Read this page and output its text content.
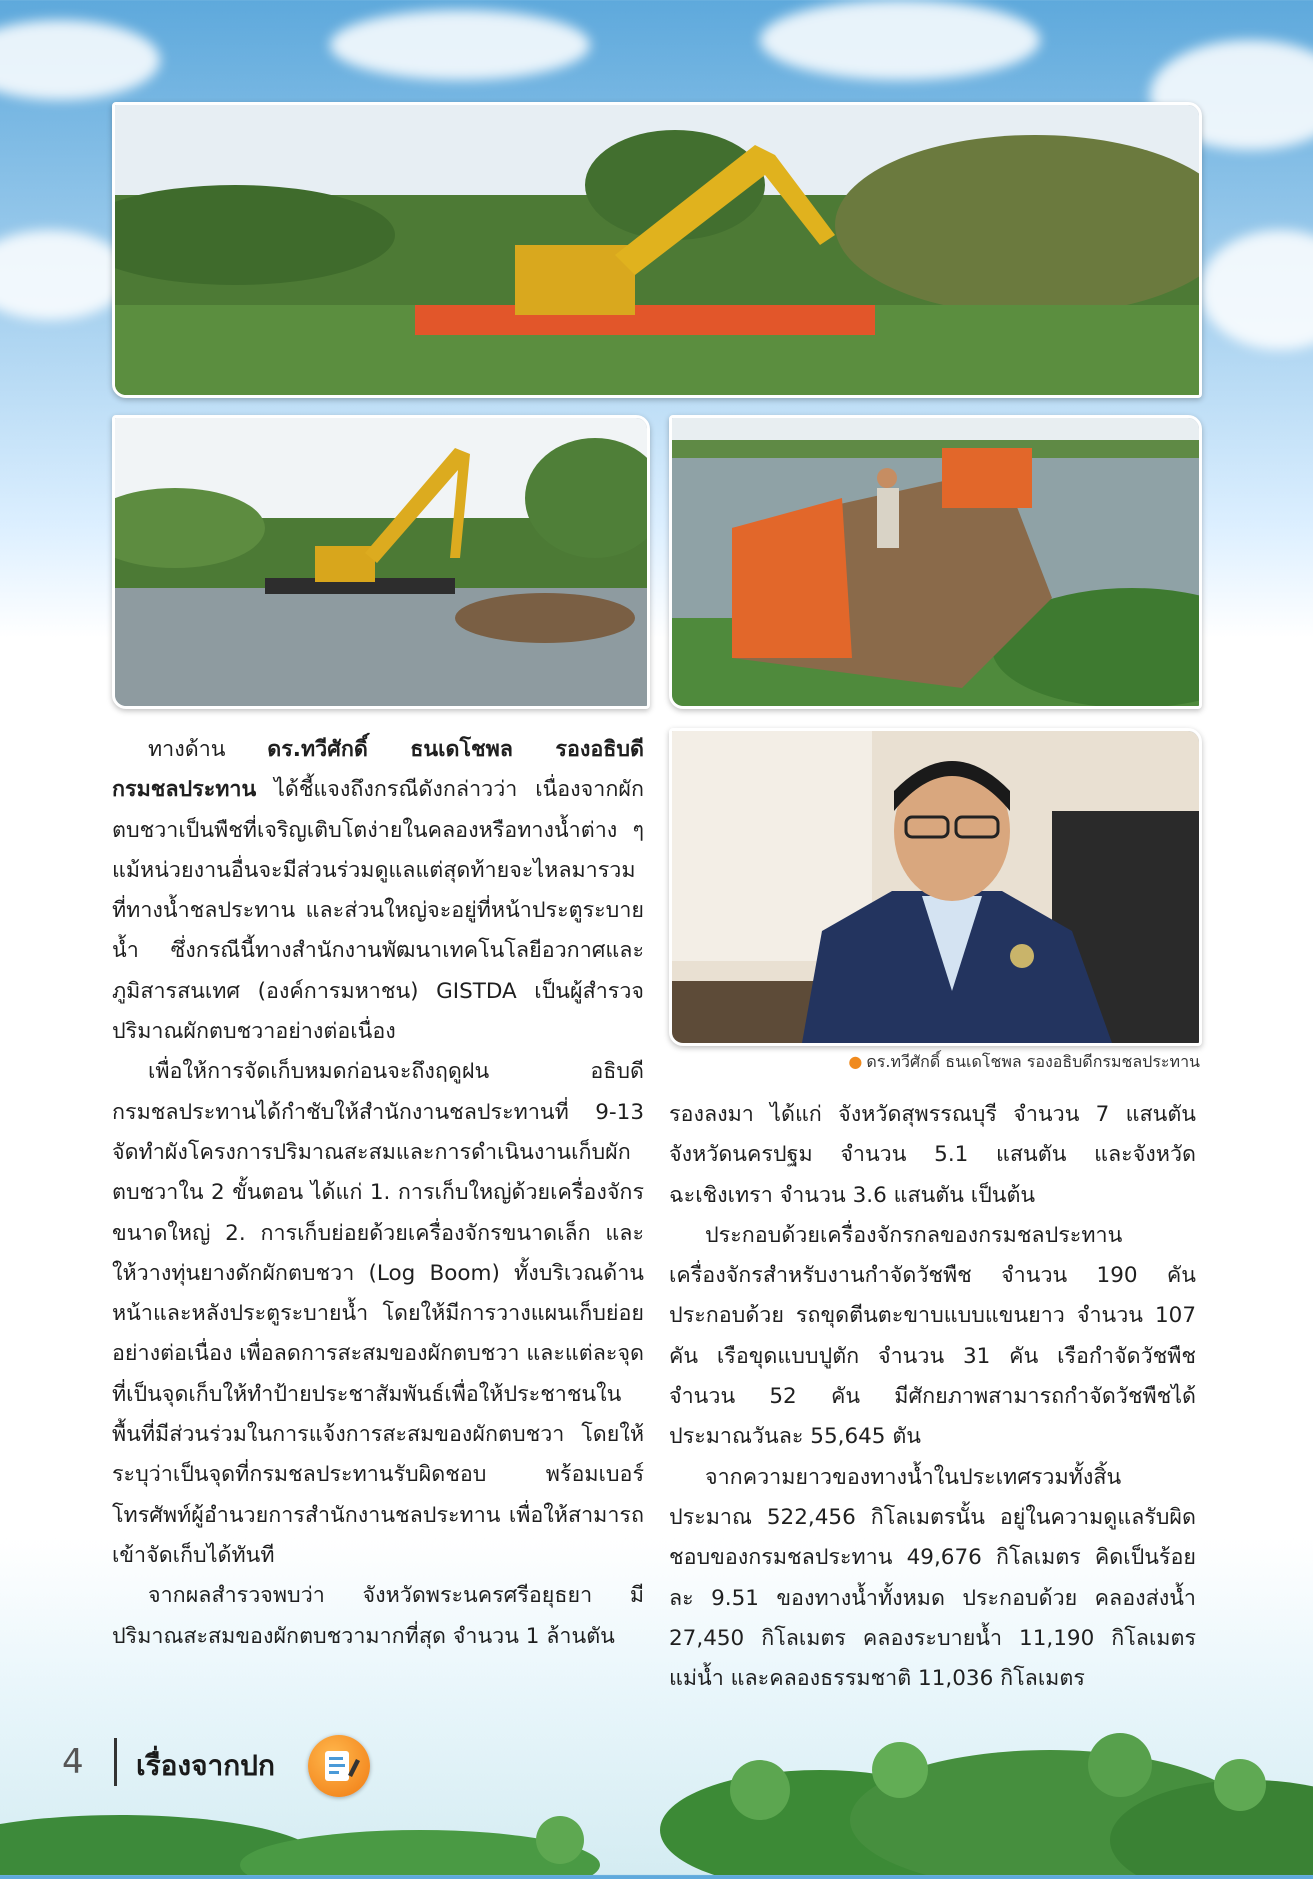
● ดร.ทวีศักดิ์ ธนเดโชพล รองอธิบดีกรมชลประทาน

ทางด้าน ดร.ทวีศักดิ์ ธนเดโชพล รองอธิบดีกรมชลประทาน ได้ชี้แจงถึงกรณีดังกล่าวว่า เนื่องจากผักตบชวาเป็นพืชที่เจริญเติบโตง่ายในคลองหรือทางน้ำต่าง ๆ แม้หน่วยงานอื่นจะมีส่วนร่วมดูแลแต่สุดท้ายจะไหลมารวมที่ทางน้ำชลประทาน และส่วนใหญ่จะอยู่ที่หน้าประตูระบายน้ำ ซึ่งกรณีนี้ทางสำนักงานพัฒนาเทคโนโลยีอวกาศและภูมิสารสนเทศ (องค์การมหาชน) GISTDA เป็นผู้สำรวจปริมาณผักตบชวาอย่างต่อเนื่อง

เพื่อให้การจัดเก็บหมดก่อนจะถึงฤดูฝน อธิบดีกรมชลประทานได้กำชับให้สำนักงานชลประทานที่ 9-13 จัดทำผังโครงการปริมาณสะสมและการดำเนินงานเก็บผักตบชวาใน 2 ขั้นตอน ได้แก่ 1. การเก็บใหญ่ด้วยเครื่องจักรขนาดใหญ่ 2. การเก็บย่อยด้วยเครื่องจักรขนาดเล็ก และให้วางทุ่นยางดักผักตบชวา (Log Boom) ทั้งบริเวณด้านหน้าและหลังประตูระบายน้ำ โดยให้มีการวางแผนเก็บย่อยอย่างต่อเนื่อง เพื่อลดการสะสมของผักตบชวา และแต่ละจุดที่เป็นจุดเก็บให้ทำป้ายประชาสัมพันธ์เพื่อให้ประชาชนในพื้นที่มีส่วนร่วมในการแจ้งการสะสมของผักตบชวา โดยให้ระบุว่าเป็นจุดที่กรมชลประทานรับผิดชอบ พร้อมเบอร์โทรศัพท์ผู้อำนวยการสำนักงานชลประทาน เพื่อให้สามารถเข้าจัดเก็บได้ทันที

จากผลสำรวจพบว่า จังหวัดพระนครศรีอยุธยา มีปริมาณสะสมของผักตบชวามากที่สุด จำนวน 1 ล้านตัน

รองลงมา ได้แก่ จังหวัดสุพรรณบุรี จำนวน 7 แสนตัน จังหวัดนครปฐม จำนวน 5.1 แสนตัน และจังหวัดฉะเชิงเทรา จำนวน 3.6 แสนตัน เป็นต้น

ประกอบด้วยเครื่องจักรกลของกรมชลประทาน เครื่องจักรสำหรับงานกำจัดวัชพืช จำนวน 190 คัน ประกอบด้วย รถขุดตีนตะขาบแบบแขนยาว จำนวน 107 คัน เรือขุดแบบปูตัก จำนวน 31 คัน เรือกำจัดวัชพืช จำนวน 52 คัน มีศักยภาพสามารถกำจัดวัชพืชได้ประมาณวันละ 55,645 ตัน

จากความยาวของทางน้ำในประเทศรวมทั้งสิ้นประมาณ 522,456 กิโลเมตรนั้น อยู่ในความดูแลรับผิดชอบของกรมชลประทาน 49,676 กิโลเมตร คิดเป็นร้อยละ 9.51 ของทางน้ำทั้งหมด ประกอบด้วย คลองส่งน้ำ 27,450 กิโลเมตร คลองระบายน้ำ 11,190 กิโลเมตร แม่น้ำ และคลองธรรมชาติ 11,036 กิโลเมตร

4 เรื่องจากปก
